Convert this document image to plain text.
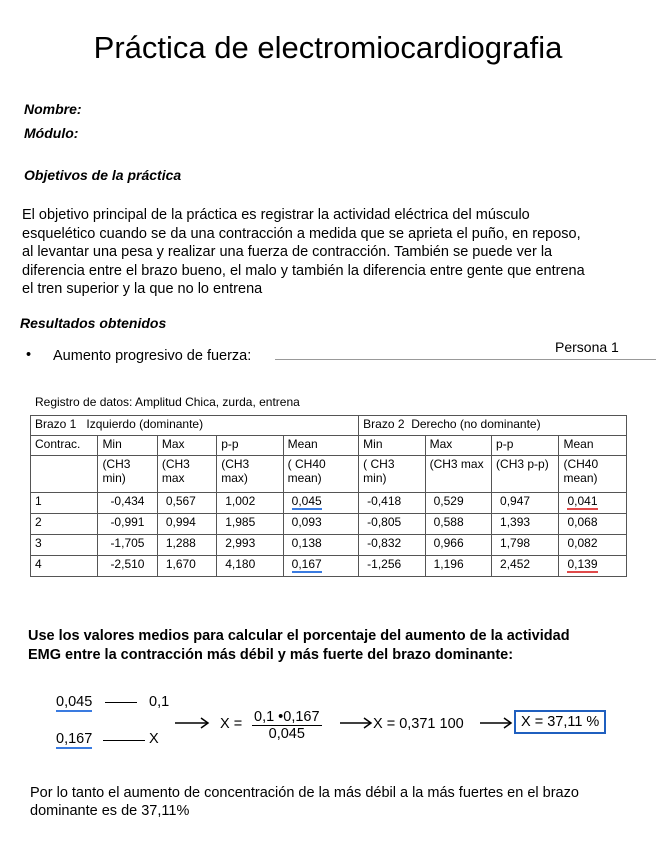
Práctica de electromiocardiografia
Nombre:
Módulo:
Objetivos de la práctica
El objetivo principal de la práctica es registrar la actividad eléctrica del músculo
esquelético cuando se da una contracción a medida que se aprieta el puño, en reposo,
al levantar una pesa y realizar una fuerza de contracción. También se puede ver la
diferencia entre el brazo bueno, el malo y también la diferencia entre gente que entrena
el tren superior y la que no lo entrena
Resultados obtenidos
• Aumento progresivo de fuerza:
Persona 1
Registro de datos: Amplitud Chica, zurda, entrena
Brazo 1 Izquierdo (dominante)					Brazo 2 Derecho (no dominante)			
Contrac.	Min	Max	p-p	Mean	Min	Max	p-p	Mean
	(CH3 min)	(CH3 max	(CH3 max)	( CH40 mean)	( CH3 min)	(CH3 max	(CH3 p-p)	(CH40 mean)
1	-0,434	0,567	1,002	0,045	-0,418	0,529	0,947	0,041
2	-0,991	0,994	1,985	0,093	-0,805	0,588	1,393	0,068
3	-1,705	1,288	2,993	0,138	-0,832	0,966	1,798	0,082
4	-2,510	1,670	4,180	0,167	-1,256	1,196	2,452	0,139
Use los valores medios para calcular el porcentaje del aumento de la actividad
EMG entre la contracción más débil y más fuerte del brazo dominante:
0,045	0,1
0,167	X
$X = \frac{0,1 •0,167}{0,045}$	X = 0,371 100	X = 37,11 %
Por lo tanto el aumento de concentración de la más débil a la más fuertes en el brazo
dominante es de 37,11%
